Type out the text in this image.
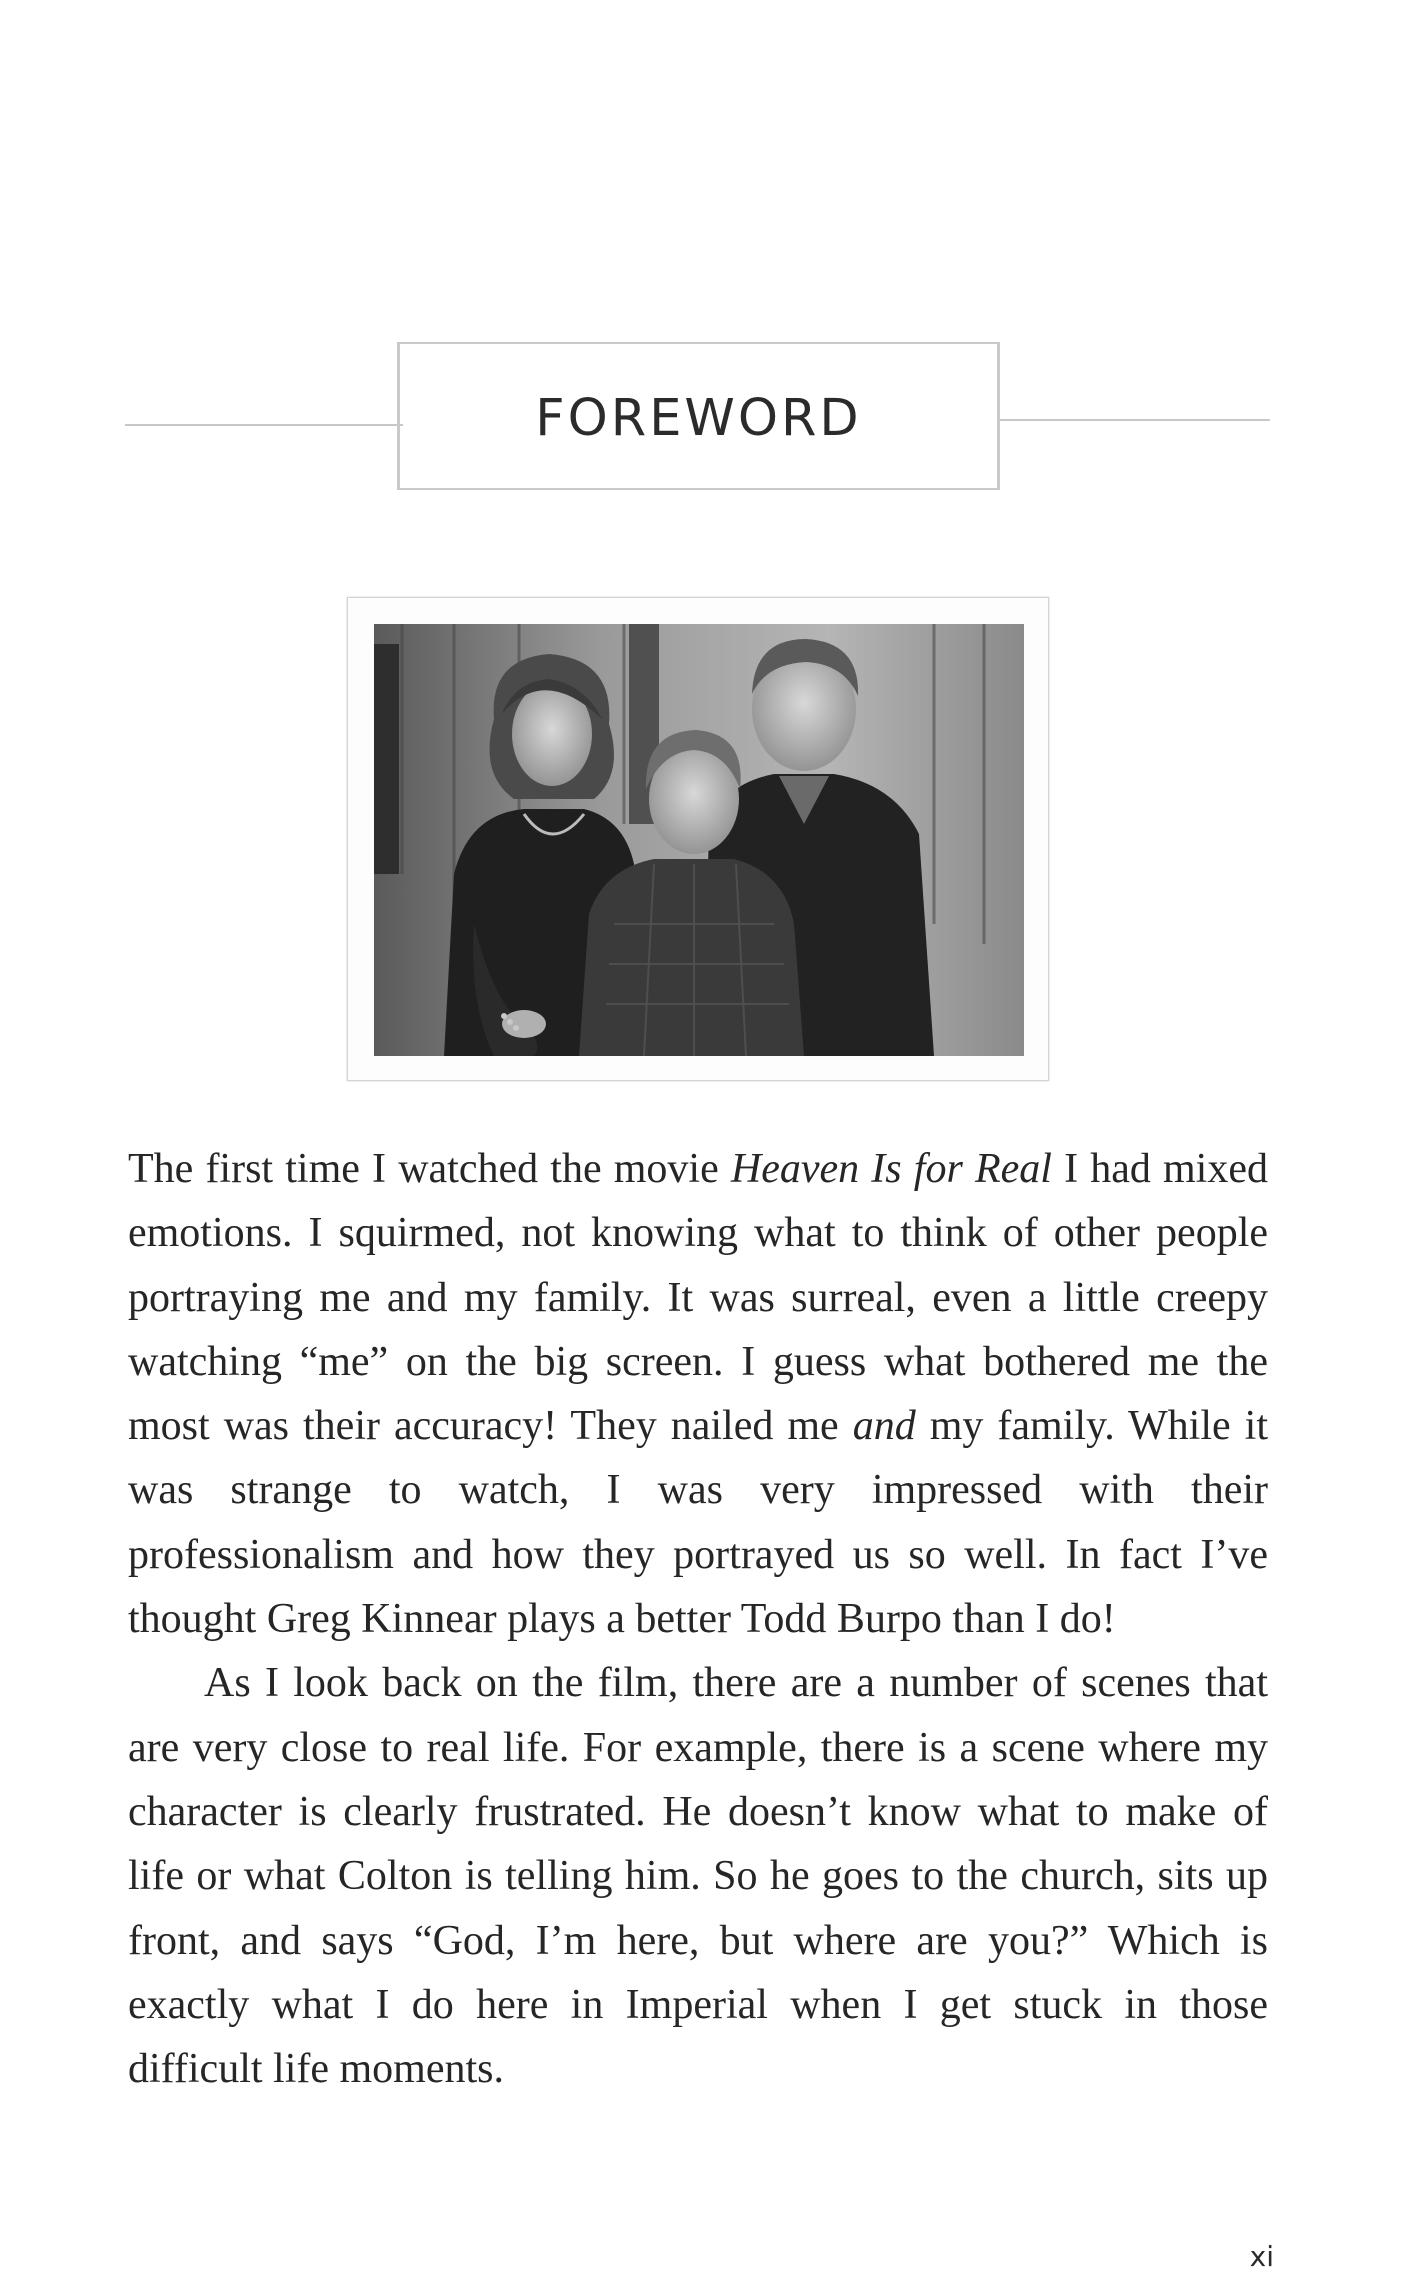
FOREWORD

The first time I watched the movie Heaven Is for Real I had mixed emotions. I squirmed, not knowing what to think of other people portraying me and my family. It was surreal, even a little creepy watching “me” on the big screen. I guess what bothered me the most was their accuracy! They nailed me and my family. While it was strange to watch, I was very impressed with their professionalism and how they portrayed us so well. In fact I’ve thought Greg Kinnear plays a better Todd Burpo than I do!

As I look back on the film, there are a number of scenes that are very close to real life. For example, there is a scene where my character is clearly frustrated. He doesn’t know what to make of life or what Colton is telling him. So he goes to the church, sits up front, and says “God, I’m here, but where are you?” Which is exactly what I do here in Imperial when I get stuck in those difficult life moments.

xi
